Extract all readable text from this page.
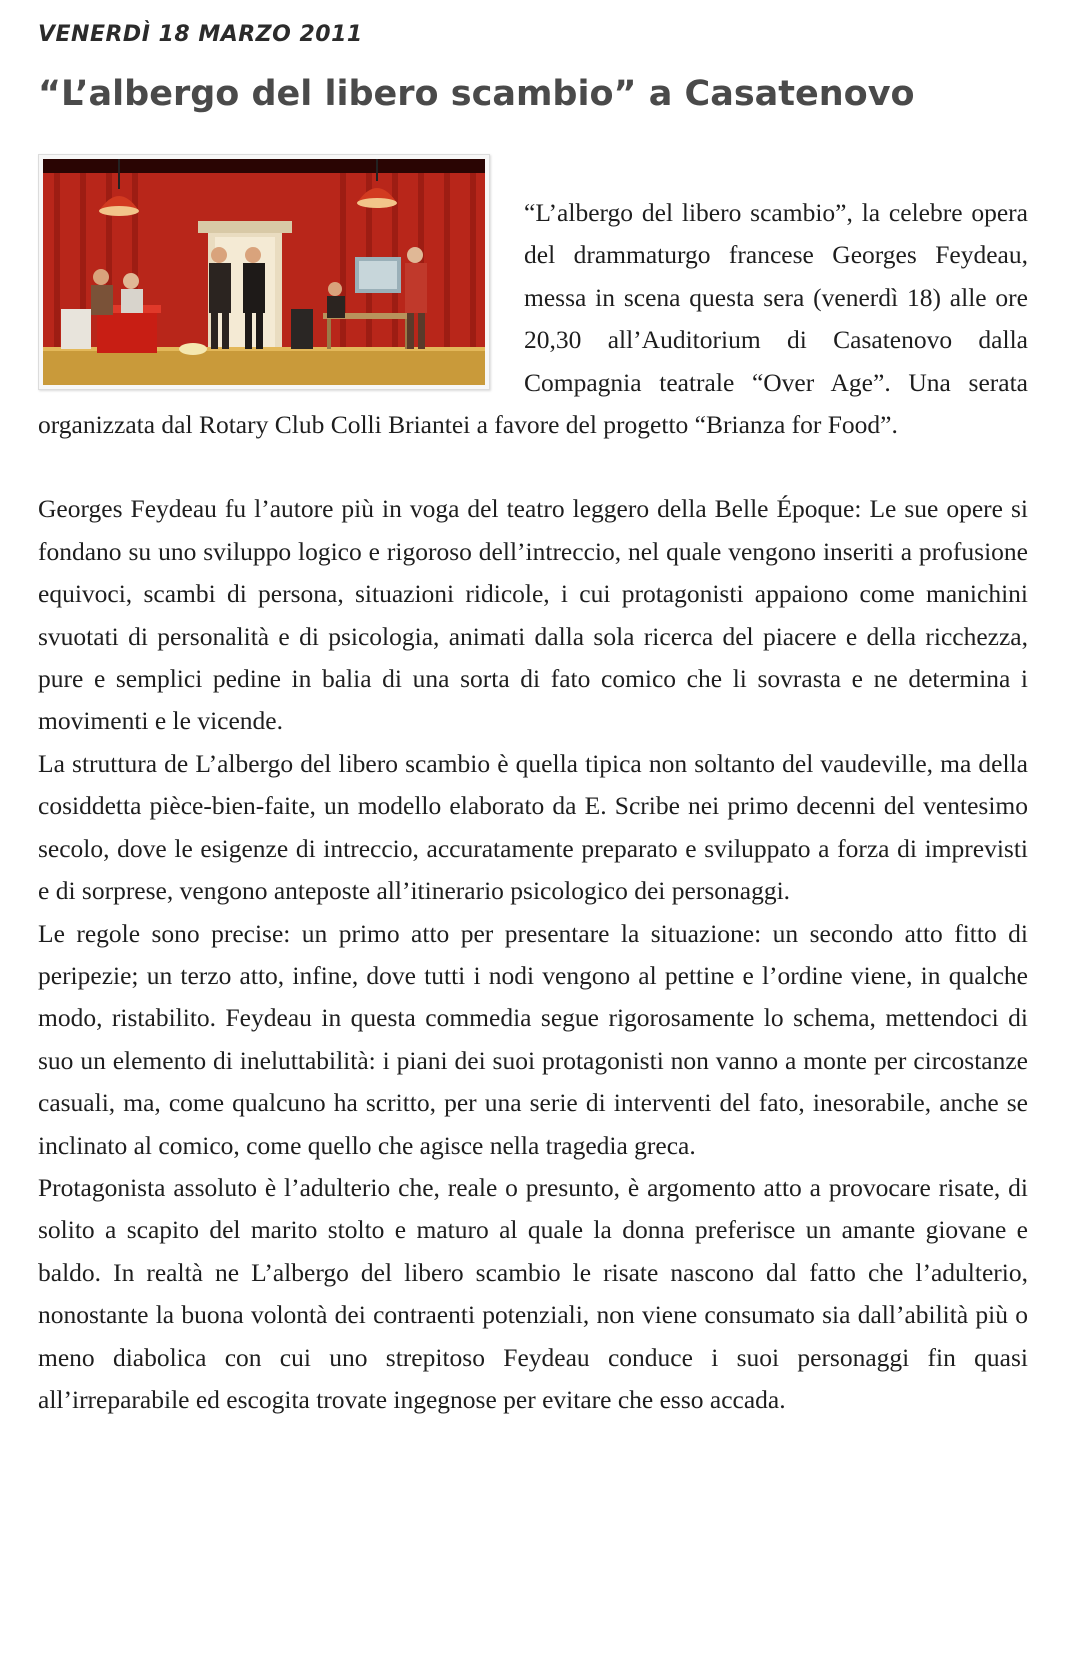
VENERDÌ 18 MARZO 2011
“L’albergo del libero scambio” a Casatenovo

“L’albergo del libero scambio”, la celebre opera del drammaturgo francese Georges Feydeau, messa in scena questa sera (venerdì 18) alle ore 20,30 all’Auditorium di Casatenovo dalla Compagnia teatrale “Over Age”. Una serata organizzata dal Rotary Club Colli Briantei a favore del progetto “Brianza for Food”.

Georges Feydeau fu l’autore più in voga del teatro leggero della Belle Époque: Le sue opere si fondano su uno sviluppo logico e rigoroso dell’intreccio, nel quale vengono inseriti a profusione equivoci, scambi di persona, situazioni ridicole, i cui protagonisti appaiono come manichini svuotati di personalità e di psicologia, animati dalla sola ricerca del piacere e della ricchezza, pure e semplici pedine in balia di una sorta di fato comico che li sovrasta e ne determina i movimenti e le vicende.

La struttura de L’albergo del libero scambio è quella tipica non soltanto del vaudeville, ma della cosiddetta pièce-bien-faite, un modello elaborato da E. Scribe nei primo decenni del ventesimo secolo, dove le esigenze di intreccio, accuratamente preparato e sviluppato a forza di imprevisti e di sorprese, vengono anteposte all’itinerario psicologico dei personaggi.

Le regole sono precise: un primo atto per presentare la situazione: un secondo atto fitto di peripezie; un terzo atto, infine, dove tutti i nodi vengono al pettine e l’ordine viene, in qualche modo, ristabilito. Feydeau in questa commedia segue rigorosamente lo schema, mettendoci di suo un elemento di ineluttabilità: i piani dei suoi protagonisti non vanno a monte per circostanze casuali, ma, come qualcuno ha scritto, per una serie di interventi del fato, inesorabile, anche se inclinato al comico, come quello che agisce nella tragedia greca.

Protagonista assoluto è l’adulterio che, reale o presunto, è argomento atto a provocare risate, di solito a scapito del marito stolto e maturo al quale la donna preferisce un amante giovane e baldo. In realtà ne L’albergo del libero scambio le risate nascono dal fatto che l’adulterio, nonostante la buona volontà dei contraenti potenziali, non viene consumato sia dall’abilità più o meno diabolica con cui uno strepitoso Feydeau conduce i suoi personaggi fin quasi all’irreparabile ed escogita trovate ingegnose per evitare che esso accada.
